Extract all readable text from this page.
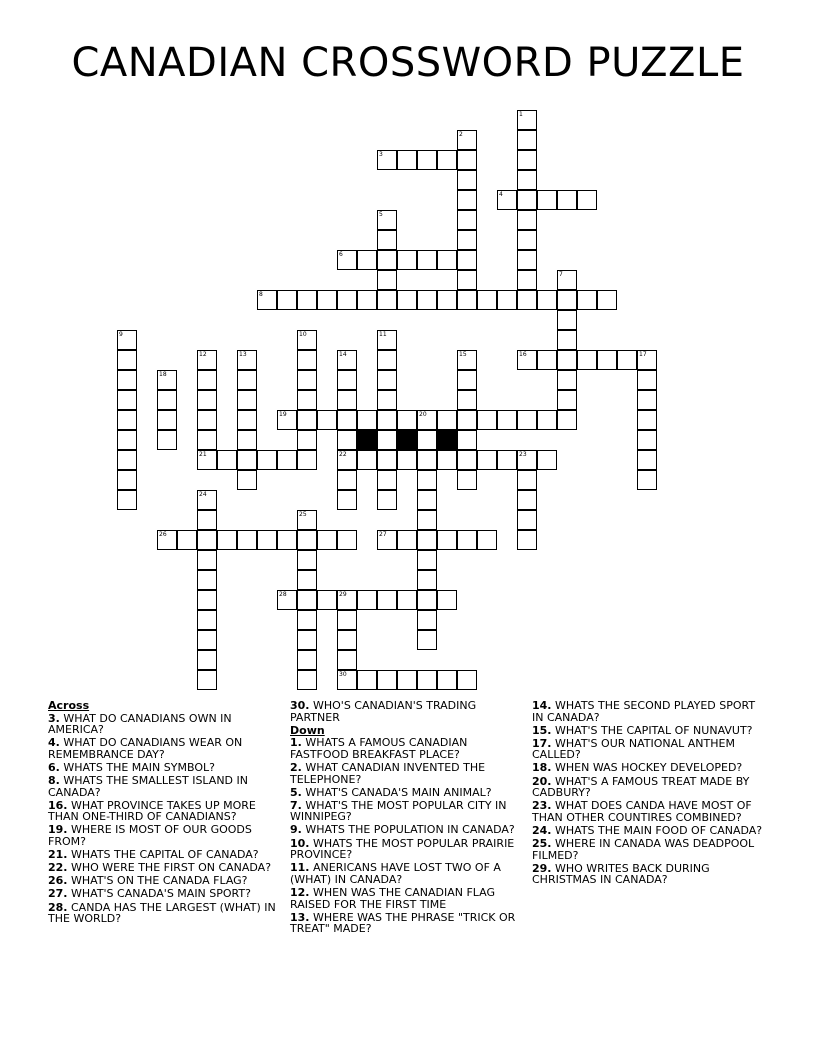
CANADIAN CROSSWORD PUZZLE
1
2
3
4
5
6
7
8
9	10	11
12	13	14
22
15	16	17
18
19	20
21	23
24
25
26	27
28	29
30
Across
3. WHAT DO CANADIANS OWN IN AMERICA?
4. WHAT DO CANADIANS WEAR ON REMEMBRANCE DAY?
6. WHATS THE MAIN SYMBOL?
8. WHATS THE SMALLEST ISLAND IN CANADA?
16. WHAT PROVINCE TAKES UP MORE THAN ONE-THIRD OF CANADIANS?
19. WHERE IS MOST OF OUR GOODS FROM?
21. WHATS THE CAPITAL OF CANADA?
22. WHO WERE THE FIRST ON CANADA?
26. WHAT'S ON THE CANADA FLAG?
27. WHAT'S CANADA'S MAIN SPORT?
28. CANDA HAS THE LARGEST (WHAT) IN THE WORLD?
30. WHO'S CANADIAN'S TRADING PARTNER
Down
1. WHATS A FAMOUS CANADIAN FASTFOOD BREAKFAST PLACE?
2. WHAT CANADIAN INVENTED THE TELEPHONE?
5. WHAT'S CANADA'S MAIN ANIMAL?
7. WHAT'S THE MOST POPULAR CITY IN WINNIPEG?
9. WHATS THE POPULATION IN CANADA?
10. WHATS THE MOST POPULAR PRAIRIE PROVINCE?
11. ANERICANS HAVE LOST TWO OF A (WHAT) IN CANADA?
12. WHEN WAS THE CANADIAN FLAG RAISED FOR THE FIRST TIME
13. WHERE WAS THE PHRASE "TRICK OR TREAT" MADE?
14. WHATS THE SECOND PLAYED SPORT IN CANADA?
15. WHAT'S THE CAPITAL OF NUNAVUT?
17. WHAT'S OUR NATIONAL ANTHEM CALLED?
18. WHEN WAS HOCKEY DEVELOPED?
20. WHAT'S A FAMOUS TREAT MADE BY CADBURY?
23. WHAT DOES CANDA HAVE MOST OF THAN OTHER COUNTIRES COMBINED?
24. WHATS THE MAIN FOOD OF CANADA?
25. WHERE IN CANADA WAS DEADPOOL FILMED?
29. WHO WRITES BACK DURING CHRISTMAS IN CANADA?
